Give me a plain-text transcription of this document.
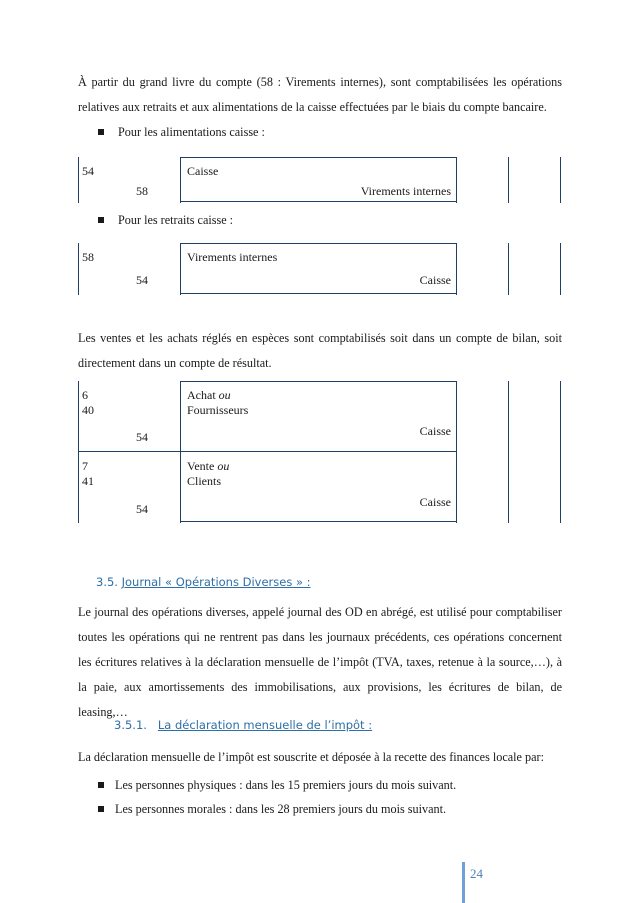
À partir du grand livre du compte (58 : Virements internes), sont comptabilisées les opérations relatives aux retraits et aux alimentations de la caisse effectuées par le biais du compte bancaire.
Pour les alimentations caisse :
54
58
Caisse
Virements internes
Pour les retraits caisse :
58
54
Virements internes
Caisse
Les ventes et les achats réglés en espèces sont comptabilisés soit dans un compte de bilan, soit directement dans un compte de résultat.
6
40
54
Achat ou
Fournisseurs
Caisse
7
41
54
Vente ou
Clients
Caisse
3.5. Journal « Opérations Diverses » :
Le journal des opérations diverses, appelé journal des OD en abrégé, est utilisé pour comptabiliser toutes les opérations qui ne rentrent pas dans les journaux précédents, ces opérations concernent les écritures relatives à la déclaration mensuelle de l’impôt (TVA, taxes, retenue à la source,…), à la paie, aux amortissements des immobilisations, aux provisions, les écritures de bilan, de leasing,…
3.5.1. La déclaration mensuelle de l’impôt :
La déclaration mensuelle de l’impôt est souscrite et déposée à la recette des finances locale par:
Les personnes physiques : dans les 15 premiers jours du mois suivant.
Les personnes morales : dans les 28 premiers jours du mois suivant.
24
